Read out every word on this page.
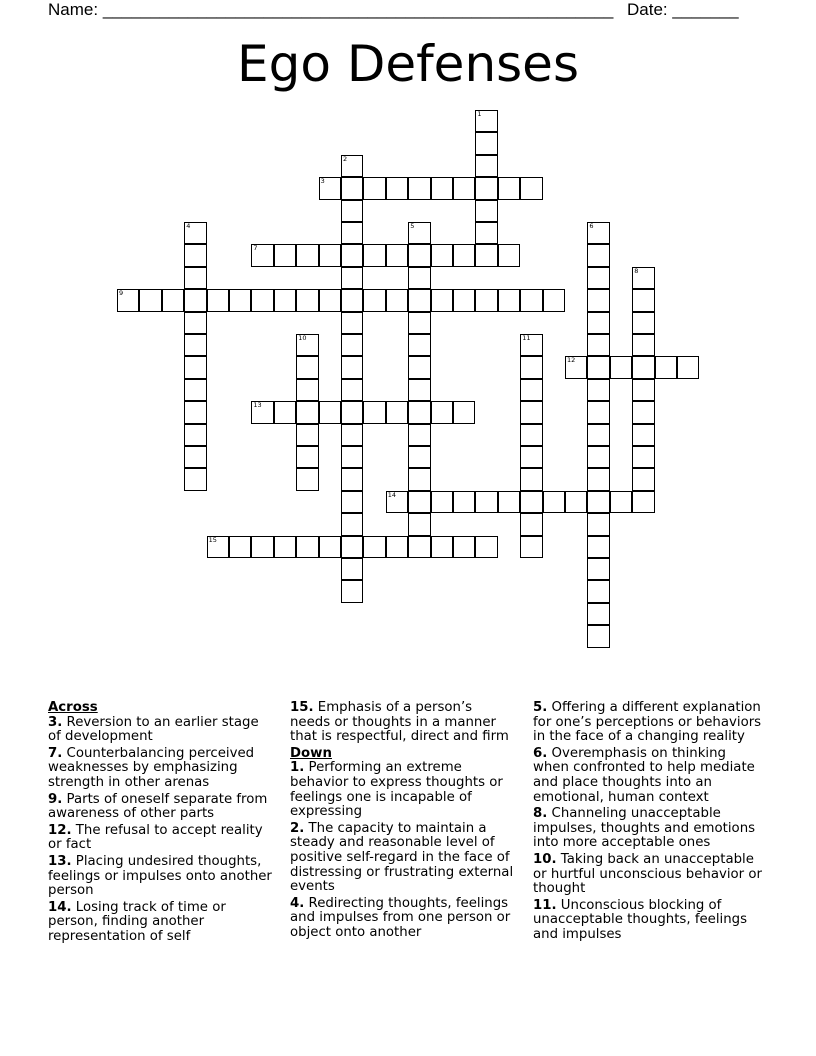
Name: ______________________________________________________ Date: _______
Ego Defenses
1
2
3
4	5	6
7
8
9
10	11
12
13
14
15
Across
3. Reversion to an earlier stage of development
7. Counterbalancing perceived weaknesses by emphasizing strength in other arenas
9. Parts of oneself separate from awareness of other parts
12. The refusal to accept reality or fact
13. Placing undesired thoughts, feelings or impulses onto another person
14. Losing track of time or person, finding another representation of self
15. Emphasis of a person’s needs or thoughts in a manner that is respectful, direct and firm
Down
1. Performing an extreme behavior to express thoughts or feelings one is incapable of expressing
2. The capacity to maintain a steady and reasonable level of positive self-regard in the face of distressing or frustrating external events
4. Redirecting thoughts, feelings and impulses from one person or object onto another
5. Offering a different explanation for one’s perceptions or behaviors in the face of a changing reality
6. Overemphasis on thinking when confronted to help mediate and place thoughts into an emotional, human context
8. Channeling unacceptable impulses, thoughts and emotions into more acceptable ones
10. Taking back an unacceptable or hurtful unconscious behavior or thought
11. Unconscious blocking of unacceptable thoughts, feelings and impulses
